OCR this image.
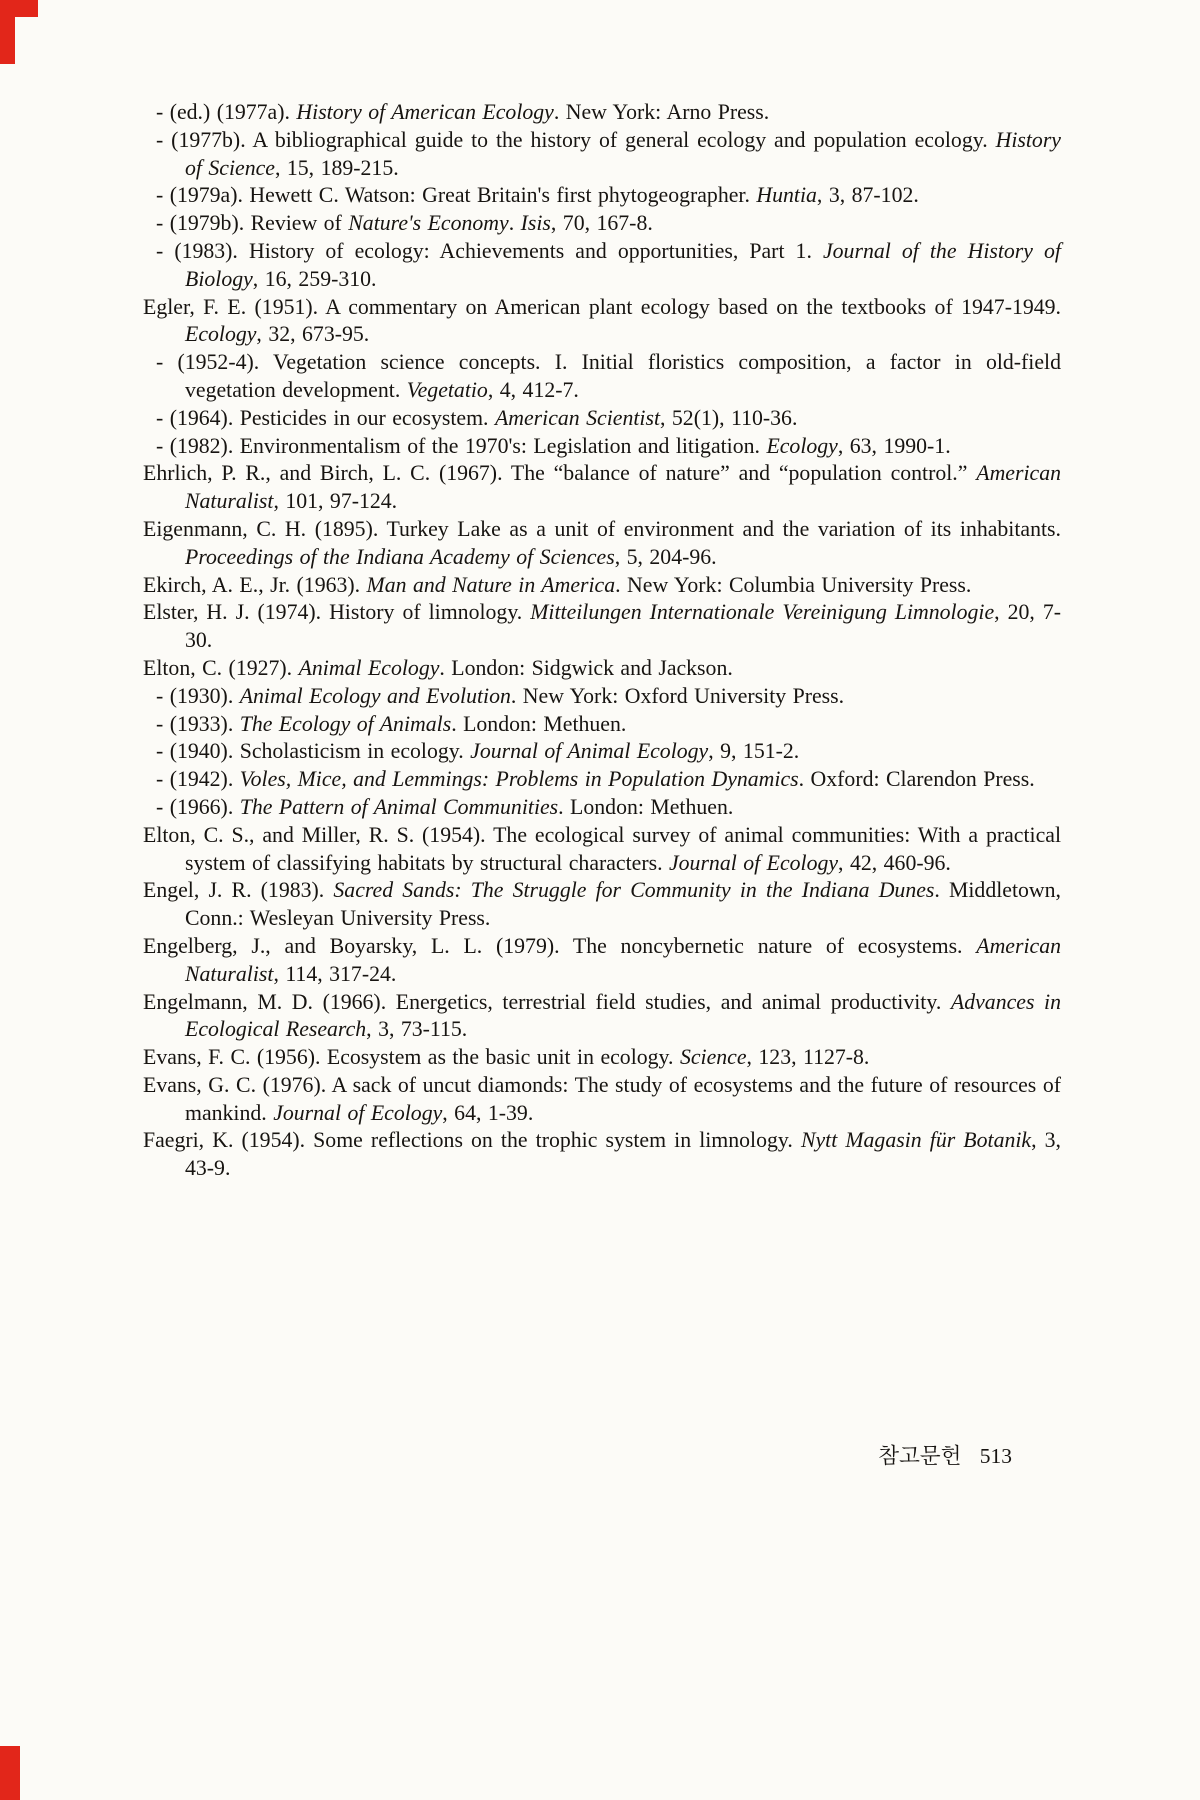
- (ed.) (1977a). History of American Ecology. New York: Arno Press.

- (1977b). A bibliographical guide to the history of general ecology and population ecology. History of Science, 15, 189-215.

- (1979a). Hewett C. Watson: Great Britain's first phytogeographer. Huntia, 3, 87-102.

- (1979b). Review of Nature's Economy. Isis, 70, 167-8.

- (1983). History of ecology: Achievements and opportunities, Part 1. Journal of the History of Biology, 16, 259-310.

Egler, F. E. (1951). A commentary on American plant ecology based on the textbooks of 1947-1949. Ecology, 32, 673-95.

- (1952-4). Vegetation science concepts. I. Initial floristics composition, a factor in old-field vegetation development. Vegetatio, 4, 412-7.

- (1964). Pesticides in our ecosystem. American Scientist, 52(1), 110-36.

- (1982). Environmentalism of the 1970's: Legislation and litigation. Ecology, 63, 1990-1.

Ehrlich, P. R., and Birch, L. C. (1967). The “balance of nature” and “population control.” American Naturalist, 101, 97-124.

Eigenmann, C. H. (1895). Turkey Lake as a unit of environment and the variation of its inhabitants. Proceedings of the Indiana Academy of Sciences, 5, 204-96.

Ekirch, A. E., Jr. (1963). Man and Nature in America. New York: Columbia University Press.

Elster, H. J. (1974). History of limnology. Mitteilungen Internationale Vereinigung Limnologie, 20, 7-30.

Elton, C. (1927). Animal Ecology. London: Sidgwick and Jackson.

- (1930). Animal Ecology and Evolution. New York: Oxford University Press.

- (1933). The Ecology of Animals. London: Methuen.

- (1940). Scholasticism in ecology. Journal of Animal Ecology, 9, 151-2.

- (1942). Voles, Mice, and Lemmings: Problems in Population Dynamics. Oxford: Clarendon Press.

- (1966). The Pattern of Animal Communities. London: Methuen.

Elton, C. S., and Miller, R. S. (1954). The ecological survey of animal communities: With a practical system of classifying habitats by structural characters. Journal of Ecology, 42, 460-96.

Engel, J. R. (1983). Sacred Sands: The Struggle for Community in the Indiana Dunes. Middletown, Conn.: Wesleyan University Press.

Engelberg, J., and Boyarsky, L. L. (1979). The noncybernetic nature of ecosystems. American Naturalist, 114, 317-24.

Engelmann, M. D. (1966). Energetics, terrestrial field studies, and animal productivity. Advances in Ecological Research, 3, 73-115.

Evans, F. C. (1956). Ecosystem as the basic unit in ecology. Science, 123, 1127-8.

Evans, G. C. (1976). A sack of uncut diamonds: The study of ecosystems and the future of resources of mankind. Journal of Ecology, 64, 1-39.

Faegri, K. (1954). Some reflections on the trophic system in limnology. Nytt Magasin für Botanik, 3, 43-9.

참고문헌 513
